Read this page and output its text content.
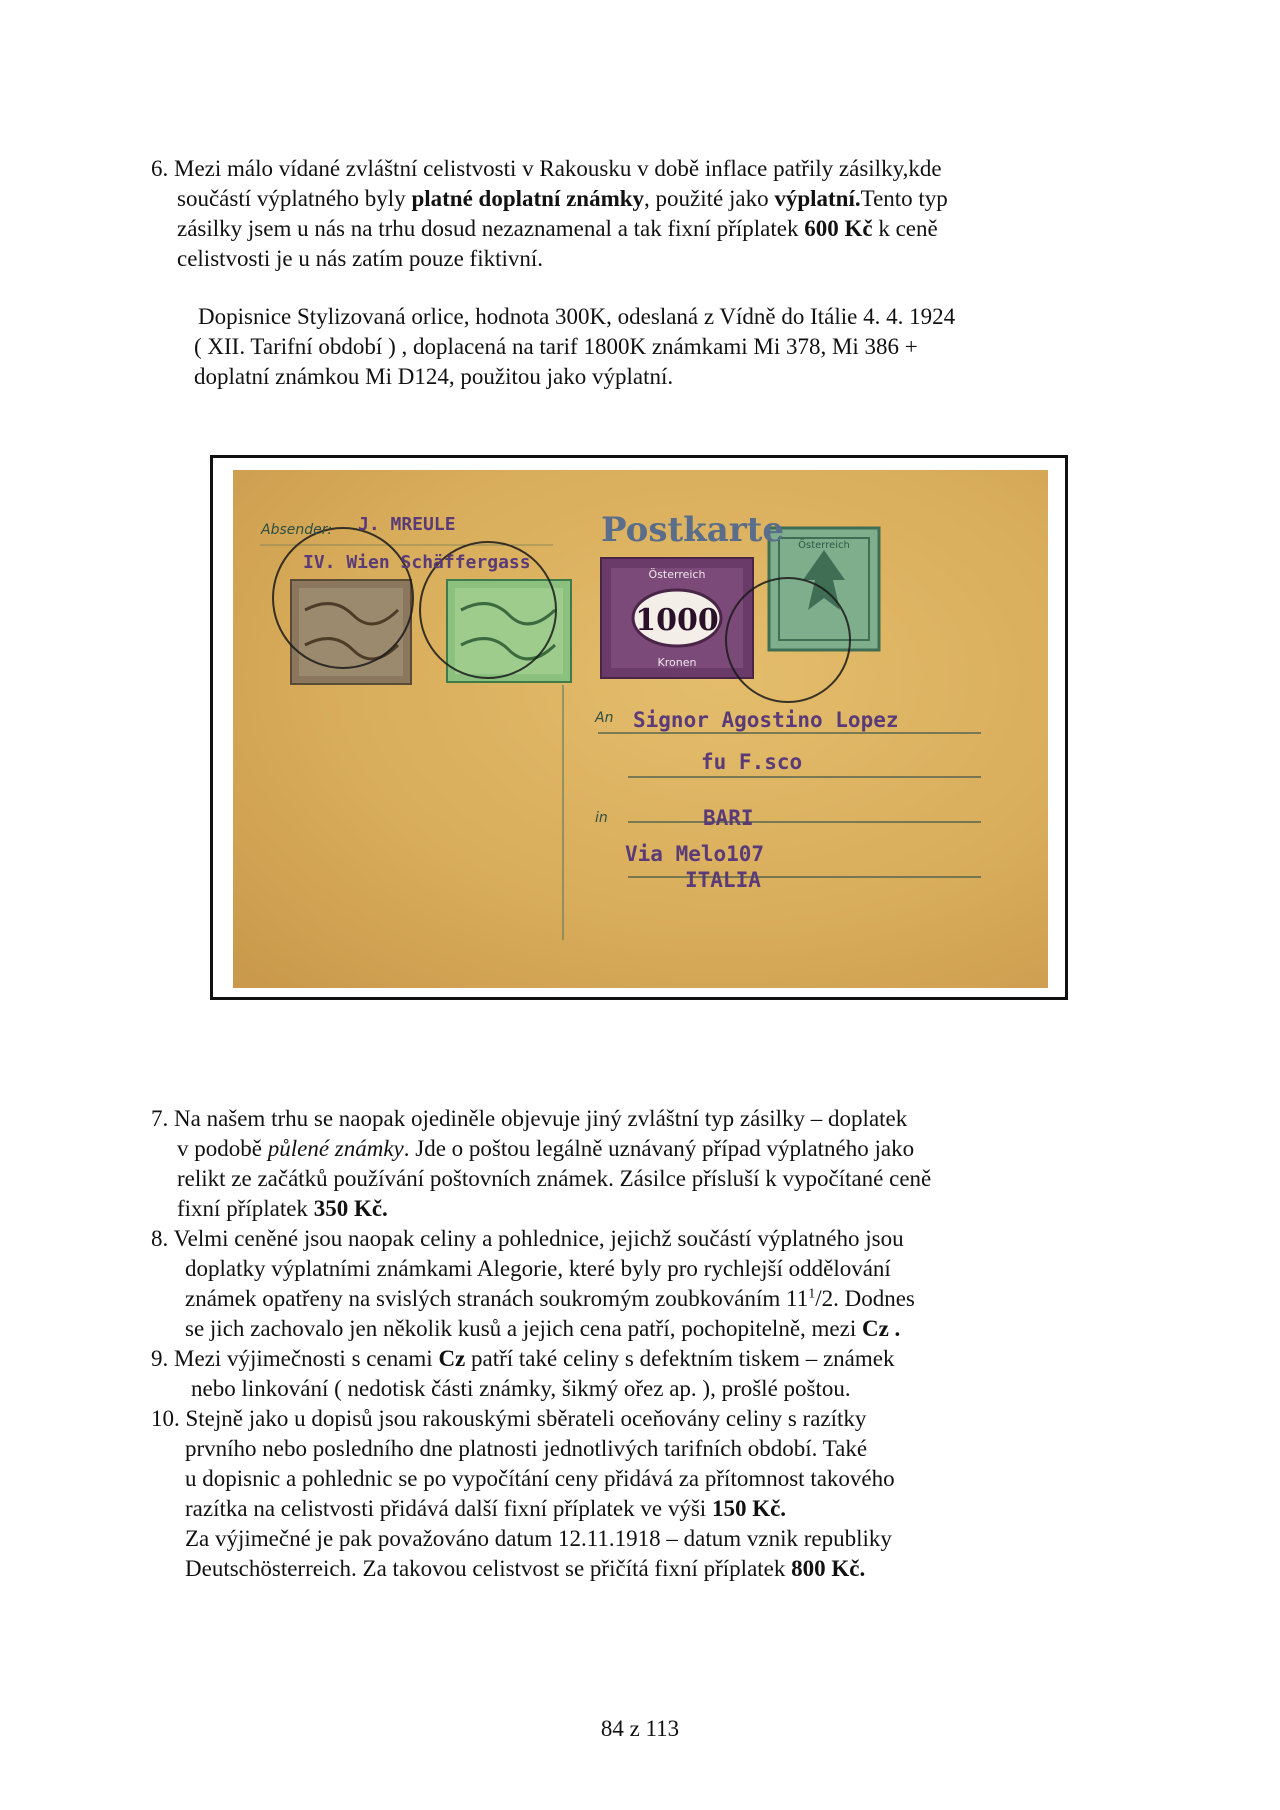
6. Mezi málo vídané zvláštní celistvosti v Rakousku v době inflace patřily zásilky,kde
součástí výplatného byly platné doplatní známky, použité jako výplatní.Tento typ
zásilky jsem u nás na trhu dosud nezaznamenal a tak fixní příplatek 600 Kč k ceně
celistvosti je u nás zatím pouze fiktivní.
Dopisnice Stylizovaná orlice, hodnota 300K, odeslaná z Vídně do Itálie 4. 4. 1924
( XII. Tarifní období ) , doplacená na tarif 1800K známkami Mi 378, Mi 386 +
doplatní známkou Mi D124, použitou jako výplatní.
Österreich
1000
Österreich
Kronen
Absender: J. MREULE
IV. Wien Schäffergass
Postkarte
An Signor Agostino Lopez
fu F.sco
in	BARI
Via Melo107
ITALIA
7. Na našem trhu se naopak ojediněle objevuje jiný zvláštní typ zásilky – doplatek
v podobě půlené známky. Jde o poštou legálně uznávaný případ výplatného jako
relikt ze začátků používání poštovních známek. Zásilce přísluší k vypočítané ceně
fixní příplatek 350 Kč.
8. Velmi ceněné jsou naopak celiny a pohlednice, jejichž součástí výplatného jsou
doplatky výplatními známkami Alegorie, které byly pro rychlejší oddělování
známek opatřeny na svislých stranách soukromým zoubkováním $11^1/2$. Dodnes
se jich zachovalo jen několik kusů a jejich cena patří, pochopitelně, mezi Cz .
9. Mezi výjimečnosti s cenami Cz patří také celiny s defektním tiskem – známek
nebo linkování ( nedotisk části známky, šikmý ořez ap. ), prošlé poštou.
10. Stejně jako u dopisů jsou rakouskými sběrateli oceňovány celiny s razítky
prvního nebo posledního dne platnosti jednotlivých tarifních období. Také
u dopisnic a pohlednic se po vypočítání ceny přidává za přítomnost takového
razítka na celistvosti přidává další fixní příplatek ve výši 150 Kč.
Za výjimečné je pak považováno datum 12.11.1918 – datum vznik republiky
Deutschösterreich. Za takovou celistvost se přičítá fixní příplatek 800 Kč.
84 z 113
